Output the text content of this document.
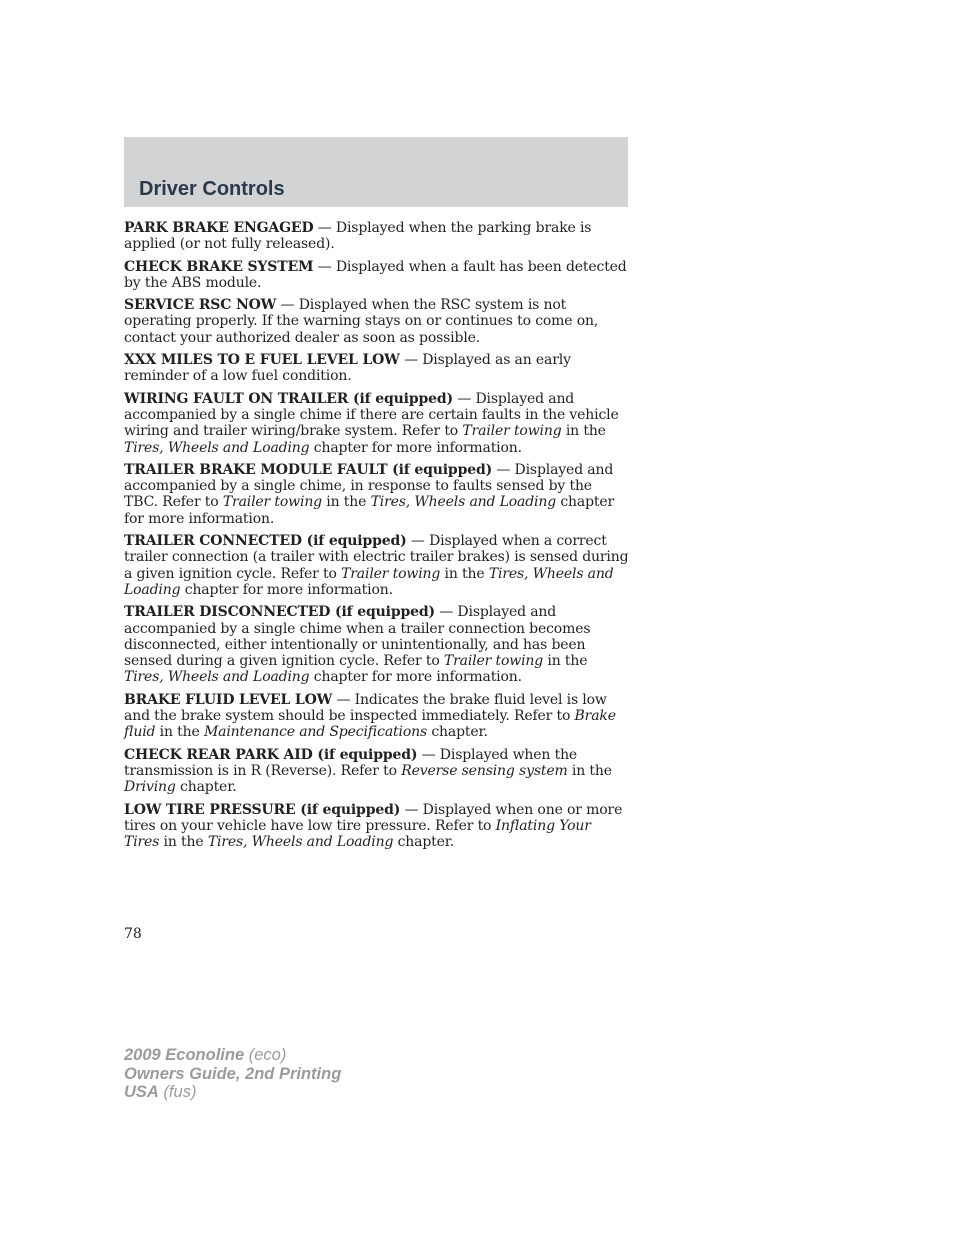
Driver Controls

PARK BRAKE ENGAGED — Displayed when the parking brake is applied (or not fully released).

CHECK BRAKE SYSTEM — Displayed when a fault has been detected by the ABS module.

SERVICE RSC NOW — Displayed when the RSC system is not operating properly. If the warning stays on or continues to come on, contact your authorized dealer as soon as possible.

XXX MILES TO E FUEL LEVEL LOW — Displayed as an early reminder of a low fuel condition.

WIRING FAULT ON TRAILER (if equipped) — Displayed and accompanied by a single chime if there are certain faults in the vehicle wiring and trailer wiring/brake system. Refer to Trailer towing in the Tires, Wheels and Loading chapter for more information.

TRAILER BRAKE MODULE FAULT (if equipped) — Displayed and accompanied by a single chime, in response to faults sensed by the TBC. Refer to Trailer towing in the Tires, Wheels and Loading chapter for more information.

TRAILER CONNECTED (if equipped) — Displayed when a correct trailer connection (a trailer with electric trailer brakes) is sensed during a given ignition cycle. Refer to Trailer towing in the Tires, Wheels and Loading chapter for more information.

TRAILER DISCONNECTED (if equipped) — Displayed and accompanied by a single chime when a trailer connection becomes disconnected, either intentionally or unintentionally, and has been sensed during a given ignition cycle. Refer to Trailer towing in the Tires, Wheels and Loading chapter for more information.

BRAKE FLUID LEVEL LOW — Indicates the brake fluid level is low and the brake system should be inspected immediately. Refer to Brake fluid in the Maintenance and Specifications chapter.

CHECK REAR PARK AID (if equipped) — Displayed when the transmission is in R (Reverse). Refer to Reverse sensing system in the Driving chapter.

LOW TIRE PRESSURE (if equipped) — Displayed when one or more tires on your vehicle have low tire pressure. Refer to Inflating Your Tires in the Tires, Wheels and Loading chapter.

78
2009 Econoline (eco)
Owners Guide, 2nd Printing
USA (fus)
